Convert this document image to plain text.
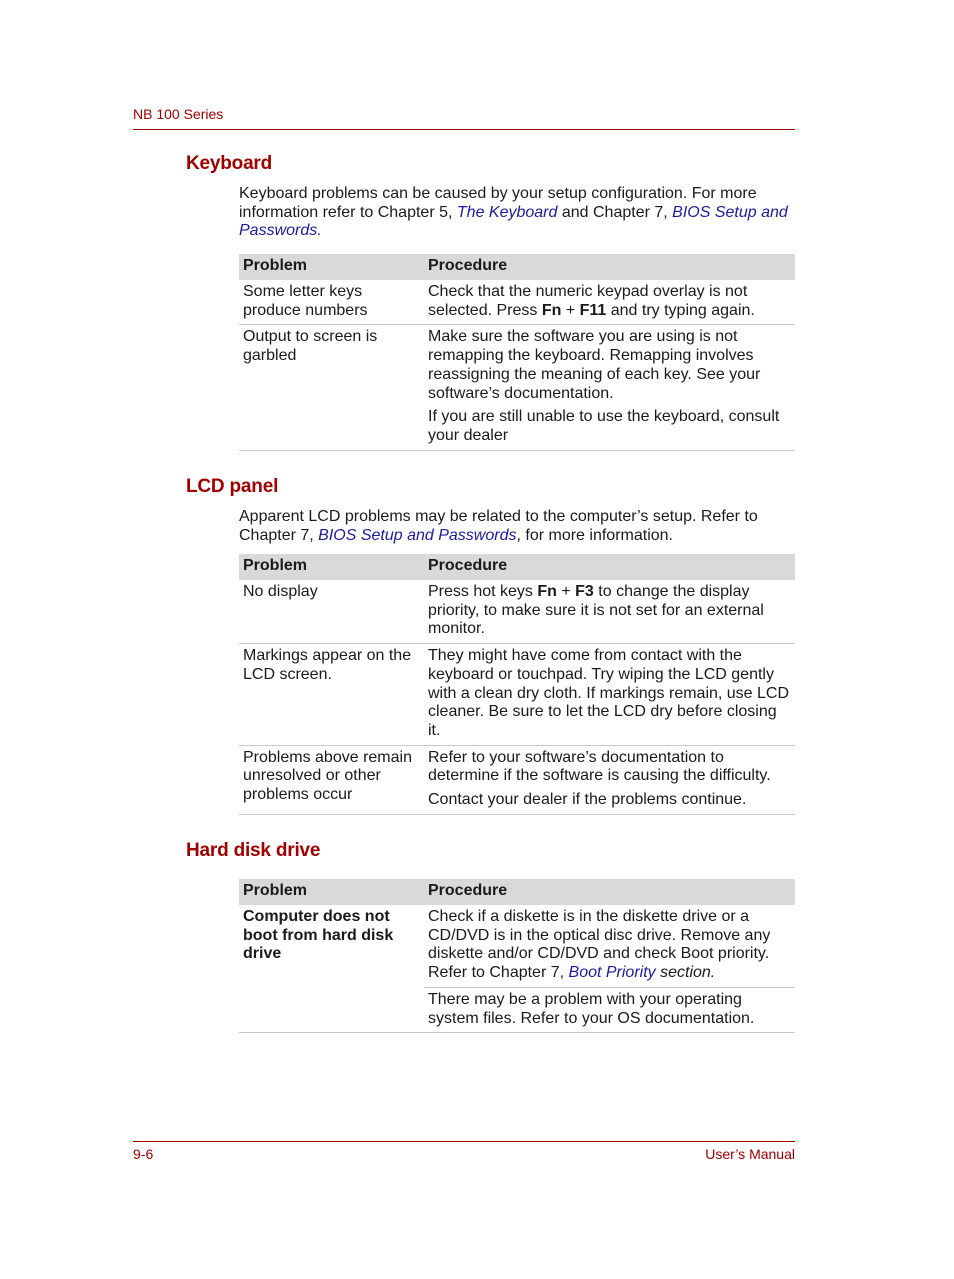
NB 100 Series
Keyboard

Keyboard problems can be caused by your setup configuration. For more information refer to Chapter 5, The Keyboard and Chapter 7, BIOS Setup and Passwords.

Problem	Procedure
Some letter keys produce numbers	Check that the numeric keypad overlay is not selected. Press Fn + F11 and try typing again.
Output to screen is garbled	Make sure the software you are using is not remapping the keyboard. Remapping involves reassigning the meaning of each key. See your software’s documentation.
If you are still unable to use the keyboard, consult your dealer
LCD panel

Apparent LCD problems may be related to the computer’s setup. Refer to Chapter 7, BIOS Setup and Passwords, for more information.

Problem	Procedure
No display	Press hot keys Fn + F3 to change the display priority, to make sure it is not set for an external monitor.
Markings appear on the LCD screen.	They might have come from contact with the keyboard or touchpad. Try wiping the LCD gently with a clean dry cloth. If markings remain, use LCD cleaner. Be sure to let the LCD dry before closing it.
Problems above remain unresolved or other problems occur	Refer to your software’s documentation to determine if the software is causing the difficulty.
Contact your dealer if the problems continue.
Hard disk drive
Problem	Procedure
Computer does not boot from hard disk drive	Check if a diskette is in the diskette drive or a CD/DVD is in the optical disc drive. Remove any diskette and/or CD/DVD and check Boot priority. Refer to Chapter 7, Boot Priority section.
	There may be a problem with your operating system files. Refer to your OS documentation.
9-6	User’s Manual
